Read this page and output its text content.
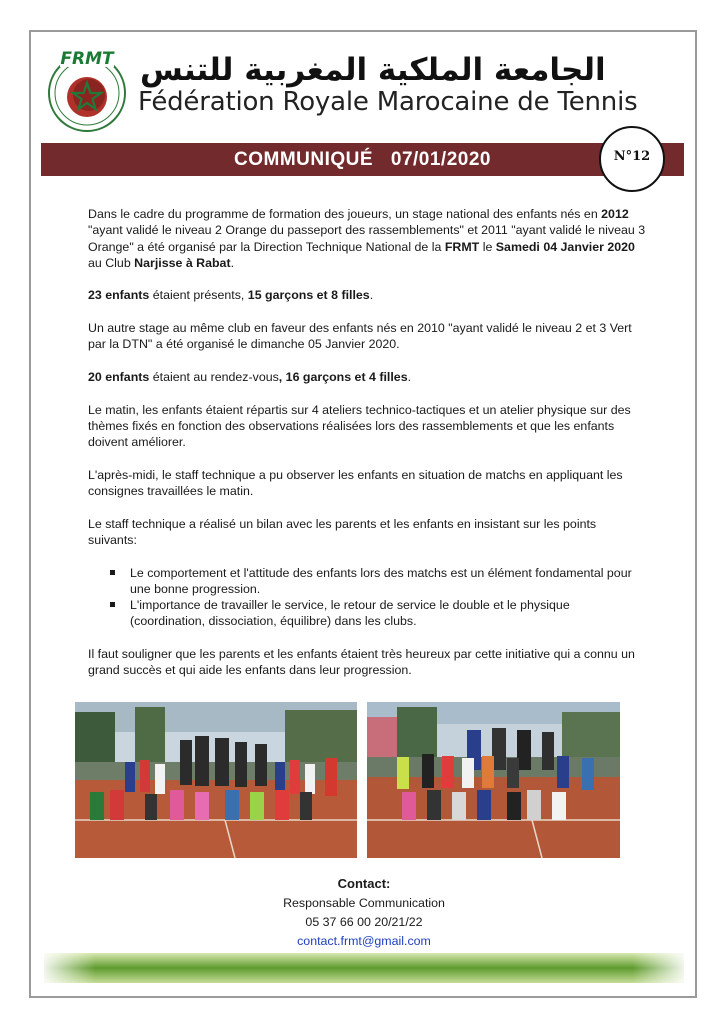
FRMT الجامعة الملكية المغربية للتنس
Fédération Royale Marocaine de Tennis
COMMUNIQUÉ 07/01/2020	N°12

Dans le cadre du programme de formation des joueurs, un stage national des enfants nés en 2012 "ayant validé le niveau 2 Orange du passeport des rassemblements" et 2011 "ayant validé le niveau 3 Orange" a été organisé par la Direction Technique National de la FRMT le Samedi 04 Janvier 2020 au Club Narjisse à Rabat.

23 enfants étaient présents, 15 garçons et 8 filles.

Un autre stage au même club en faveur des enfants nés en 2010 "ayant validé le niveau 2 et 3 Vert par la DTN" a été organisé le dimanche 05 Janvier 2020.

20 enfants étaient au rendez-vous, 16 garçons et 4 filles.

Le matin, les enfants étaient répartis sur 4 ateliers technico-tactiques et un atelier physique sur des thèmes fixés en fonction des observations réalisées lors des rassemblements et que les enfants doivent améliorer.

L'après-midi, le staff technique a pu observer les enfants en situation de matchs en appliquant les consignes travaillées le matin.

Le staff technique a réalisé un bilan avec les parents et les enfants en insistant sur les points suivants:

Le comportement et l'attitude des enfants lors des matchs est un élément fondamental pour une bonne progression.
L'importance de travailler le service, le retour de service le double et le physique (coordination, dissociation, équilibre) dans les clubs.

Il faut souligner que les parents et les enfants étaient très heureux par cette initiative qui a connu un grand succès et qui aide les enfants dans leur progression.

Contact:
Responsable Communication
05 37 66 00 20/21/22
contact.frmt@gmail.com
